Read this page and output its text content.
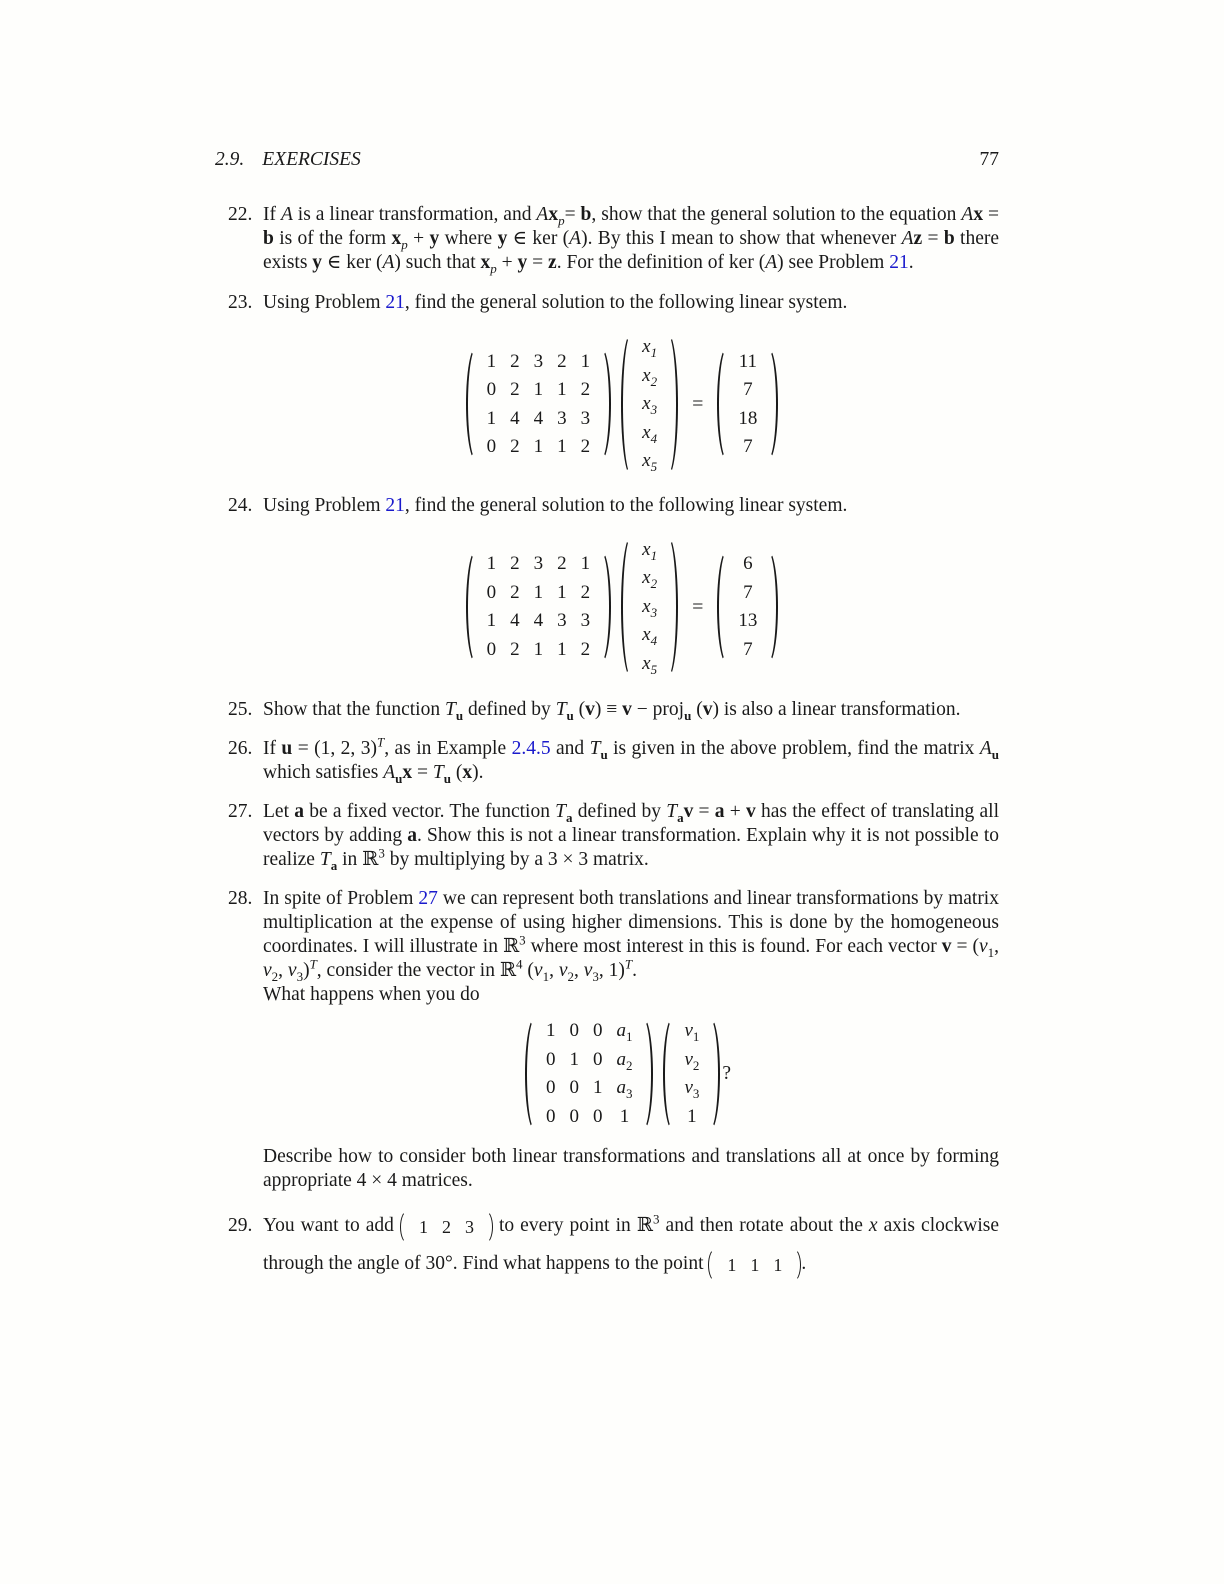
2.9. EXERCISES	77
22. If A is a linear transformation, and $Ax_p= b$, show that the general solution to the equation Ax = b is of the form $x_p + y$ where y ∈ ker (A). By this I mean to show that whenever Az = b there exists y ∈ ker (A) such that $x_p + y = z$. For the definition of ker (A) see Problem 21.
23. Using Problem 21, find the general solution to the following linear system.
1	2	3	2	1
0	2	1	1	2
1	4	4	3	3
0	2	1	1	2
$x_1$
$x_2$
$x_3$
$x_4$
$x_5$
=
11
7
18
7
24. Using Problem 21, find the general solution to the following linear system.
1	2	3	2	1
0	2	1	1	2
1	4	4	3	3
0	2	1	1	2
$x_1$
$x_2$
$x_3$
$x_4$
$x_5$
=
6
7
13
7
25. Show that the function $T_u$ defined by $T_u$ (v) ≡ v − proj$_u$ (v) is also a linear transformation.
26. If u = (1, 2, 3)$^T$, as in Example 2.4.5 and $T_u$ is given in the above problem, find the matrix $A_u$ which satisfies $A_ux = T_u$ (x).
27. Let a be a fixed vector. The function $T_a$ defined by $T_av = a + v$ has the effect of translating all vectors by adding a. Show this is not a linear transformation. Explain why it is not possible to realize $T_a$ in ℝ$^3$ by multiplying by a 3 × 3 matrix.
28. In spite of Problem 27 we can represent both translations and linear transformations by matrix multiplication at the expense of using higher dimensions. This is done by the homogeneous coordinates. I will illustrate in ℝ$^3$ where most interest in this is found. For each vector $v = (v_1$, $v_2$, $v_3)^T$, consider the vector in ℝ$^4$ ($v_1$, $v_2$, $v_3$, 1)$^T$.
What happens when you do
1	0	0	$a_1$
0	1	0	$a_2$
0	0	1	$a_3$
0	0	0	1
$v_1$
$v_2$
$v_3$
1
?
Describe how to consider both linear transformations and translations all at once by forming appropriate 4 × 4 matrices.
29. You want to add	1 2 3 to every point in ℝ$^3$ and then rotate about the x axis clockwise through the angle of 30°. Find what happens to the point	1 1 1 .
